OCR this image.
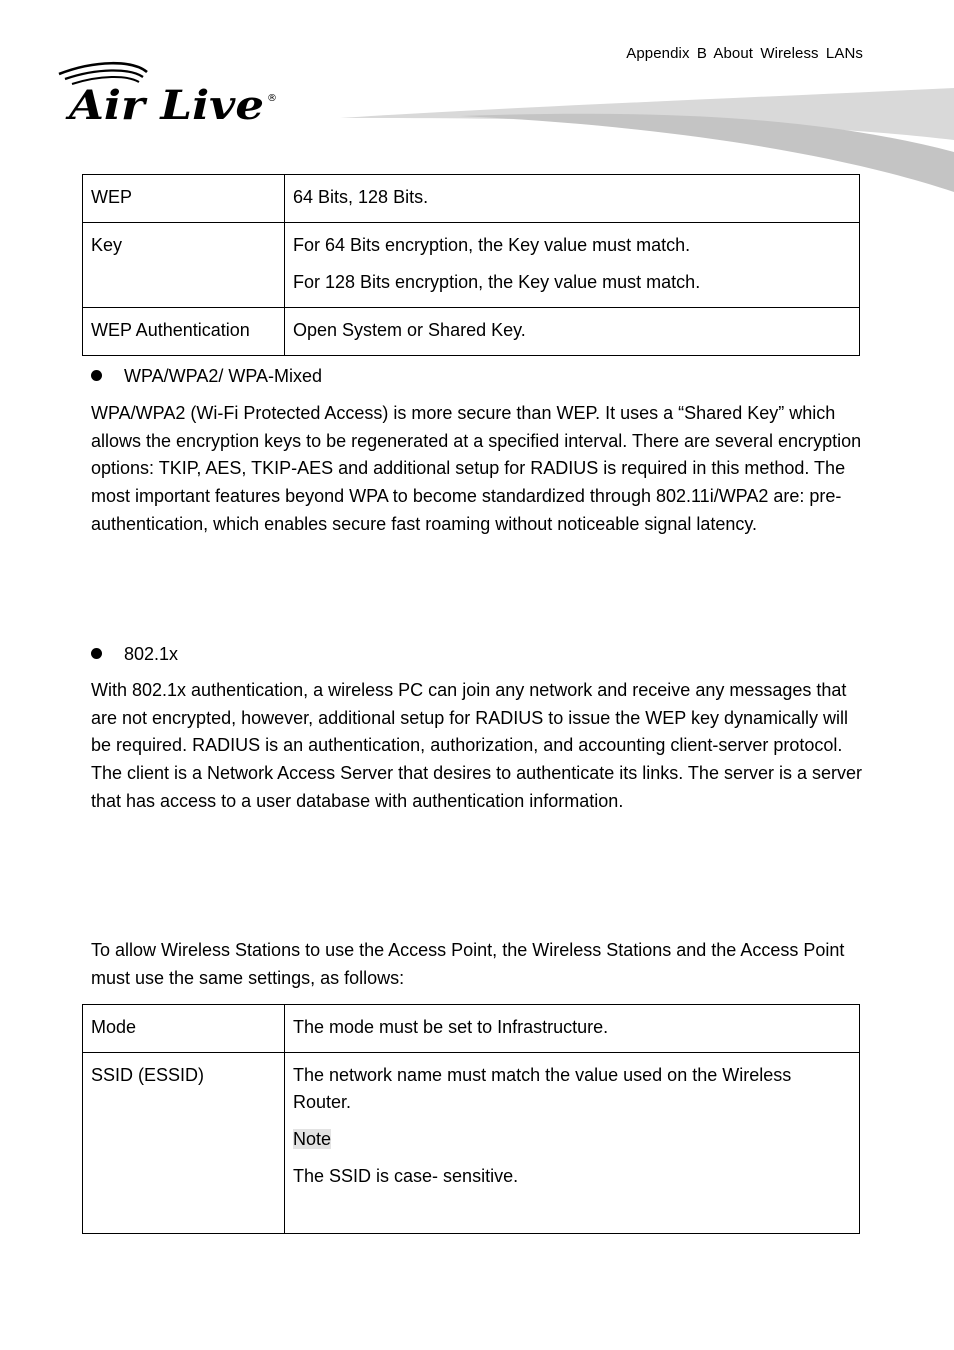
Appendix B About Wireless LANs
Air Live ®
WEP	64 Bits, 128 Bits.

Key	For 64 Bits encryption, the Key value must match.

For 128 Bits encryption, the Key value must match.

WEP Authentication	Open System or Shared Key.

WPA/WPA2/ WPA-Mixed

WPA/WPA2 (Wi-Fi Protected Access) is more secure than WEP. It uses a “Shared Key” which allows the encryption keys to be regenerated at a specified interval. There are several encryption options: TKIP, AES, TKIP-AES and additional setup for RADIUS is required in this method. The most important features beyond WPA to become standardized through 802.11i/WPA2 are: pre-authentication, which enables secure fast roaming without noticeable signal latency.

802.1x

With 802.1x authentication, a wireless PC can join any network and receive any messages that are not encrypted, however, additional setup for RADIUS to issue the WEP key dynamically will be required. RADIUS is an authentication, authorization, and accounting client-server protocol. The client is a Network Access Server that desires to authenticate its links. The server is a server that has access to a user database with authentication information.

To allow Wireless Stations to use the Access Point, the Wireless Stations and the Access Point must use the same settings, as follows:

Mode	The mode must be set to Infrastructure.

SSID (ESSID)	The network name must match the value used on the Wireless Router.

Note

The SSID is case- sensitive.
